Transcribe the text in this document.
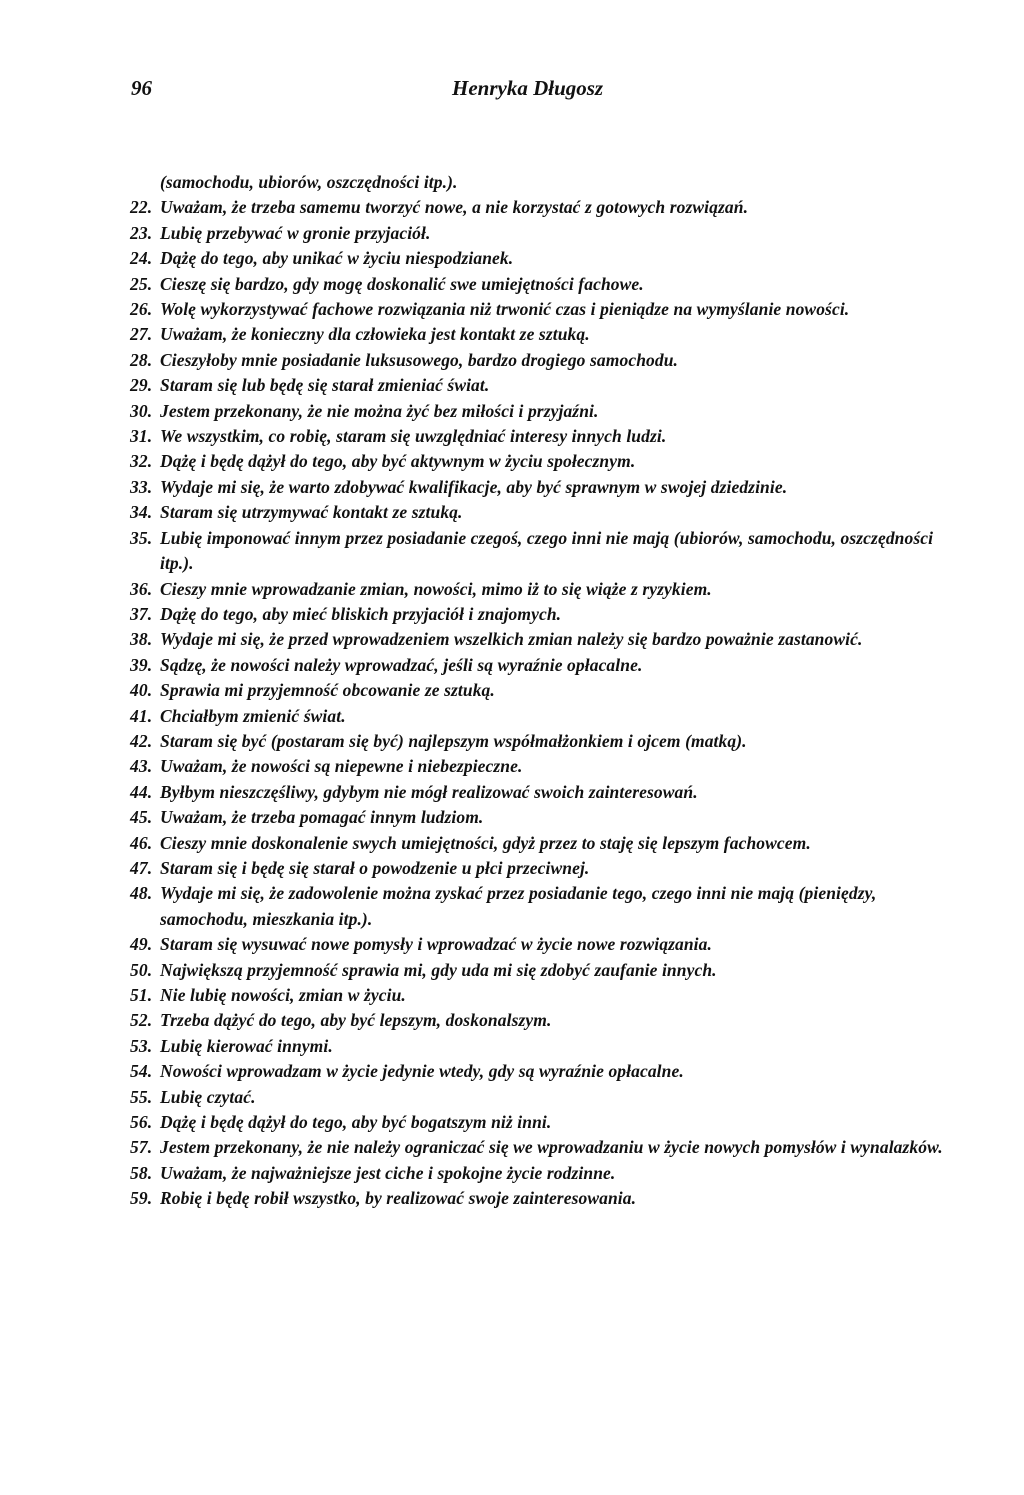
96	Henryka Długosz
(samochodu, ubiorów, oszczędności itp.).
22. Uważam, że trzeba samemu tworzyć nowe, a nie korzystać z gotowych rozwiązań.
23. Lubię przebywać w gronie przyjaciół.
24. Dążę do tego, aby unikać w życiu niespodzianek.
25. Cieszę się bardzo, gdy mogę doskonalić swe umiejętności fachowe.
26. Wolę wykorzystywać fachowe rozwiązania niż trwonić czas i pieniądze na wymyślanie nowości.
27. Uważam, że konieczny dla człowieka jest kontakt ze sztuką.
28. Cieszyłoby mnie posiadanie luksusowego, bardzo drogiego samochodu.
29. Staram się lub będę się starał zmieniać świat.
30. Jestem przekonany, że nie można żyć bez miłości i przyjaźni.
31. We wszystkim, co robię, staram się uwzględniać interesy innych ludzi.
32. Dążę i będę dążył do tego, aby być aktywnym w życiu społecznym.
33. Wydaje mi się, że warto zdobywać kwalifikacje, aby być sprawnym w swojej dziedzinie.
34. Staram się utrzymywać kontakt ze sztuką.
35. Lubię imponować innym przez posiadanie czegoś, czego inni nie mają (ubiorów, samochodu, oszczędności itp.).
36. Cieszy mnie wprowadzanie zmian, nowości, mimo iż to się wiąże z ryzykiem.
37. Dążę do tego, aby mieć bliskich przyjaciół i znajomych.
38. Wydaje mi się, że przed wprowadzeniem wszelkich zmian należy się bardzo poważnie zastanowić.
39. Sądzę, że nowości należy wprowadzać, jeśli są wyraźnie opłacalne.
40. Sprawia mi przyjemność obcowanie ze sztuką.
41. Chciałbym zmienić świat.
42. Staram się być (postaram się być) najlepszym współmałżonkiem i ojcem (matką).
43. Uważam, że nowości są niepewne i niebezpieczne.
44. Byłbym nieszczęśliwy, gdybym nie mógł realizować swoich zainteresowań.
45. Uważam, że trzeba pomagać innym ludziom.
46. Cieszy mnie doskonalenie swych umiejętności, gdyż przez to staję się lepszym fachowcem.
47. Staram się i będę się starał o powodzenie u płci przeciwnej.
48. Wydaje mi się, że zadowolenie można zyskać przez posiadanie tego, czego inni nie mają (pieniędzy, samochodu, mieszkania itp.).
49. Staram się wysuwać nowe pomysły i wprowadzać w życie nowe rozwiązania.
50. Największą przyjemność sprawia mi, gdy uda mi się zdobyć zaufanie innych.
51. Nie lubię nowości, zmian w życiu.
52. Trzeba dążyć do tego, aby być lepszym, doskonalszym.
53. Lubię kierować innymi.
54. Nowości wprowadzam w życie jedynie wtedy, gdy są wyraźnie opłacalne.
55. Lubię czytać.
56. Dążę i będę dążył do tego, aby być bogatszym niż inni.
57. Jestem przekonany, że nie należy ograniczać się we wprowadzaniu w życie nowych pomysłów i wynalazków.
58. Uważam, że najważniejsze jest ciche i spokojne życie rodzinne.
59. Robię i będę robił wszystko, by realizować swoje zainteresowania.
